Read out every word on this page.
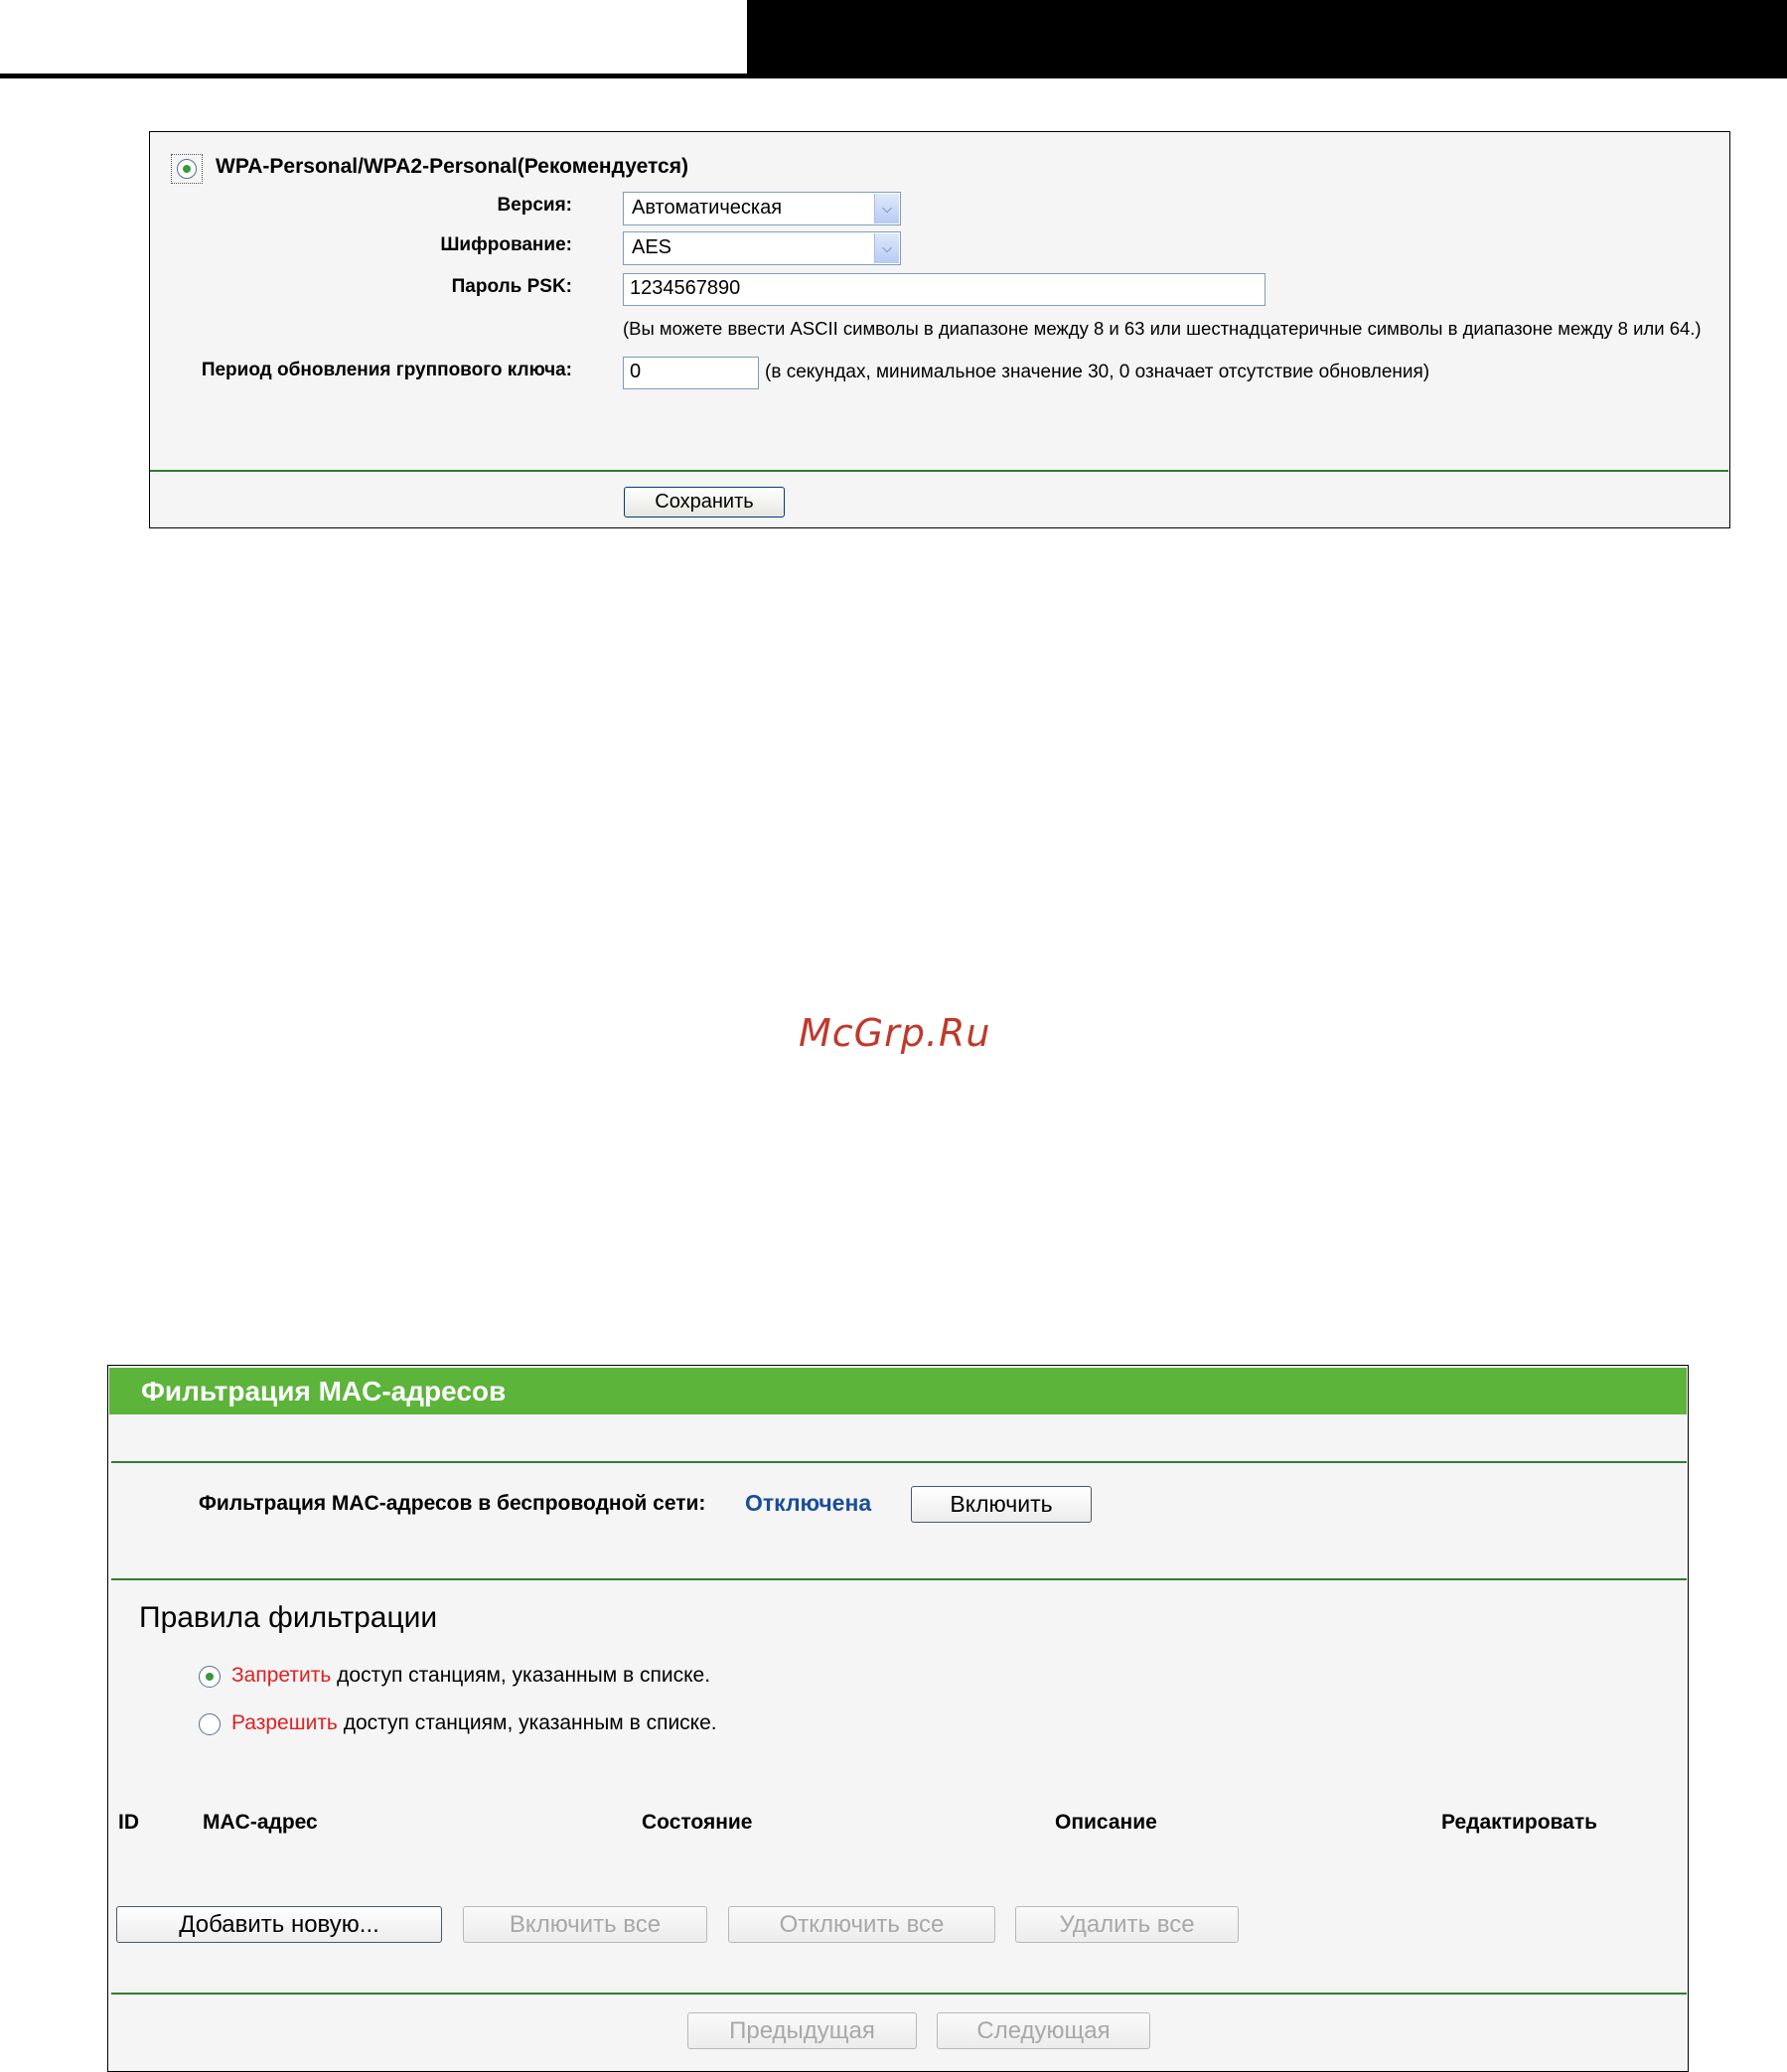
WPA-Personal/WPA2-Personal(Рекомендуется)
Версия:	Автоматическая	⌵
Шифрование:	AES	⌵
Пароль PSK:	1234567890
(Вы можете ввести ASCII символы в диапазоне между 8 и 63 или шестнадцатеричные символы в диапазоне между 8 или 64.)
Период обновления группового ключа:	0	(в секундах, минимальное значение 30, 0 означает отсутствие обновления)
Сохранить
McGrp.Ru
Фильтрация MAC-адресов
Фильтрация MAC-адресов в беспроводной сети: Отключена	Включить
Правила фильтрации
Запретить доступ станциям, указанным в списке.
Разрешить доступ станциям, указанным в списке.
ID	MAC-адрес	Состояние	Описание	Редактировать
Добавить новую...	Включить все	Отключить все	Удалить все
Предыдущая	Следующая
